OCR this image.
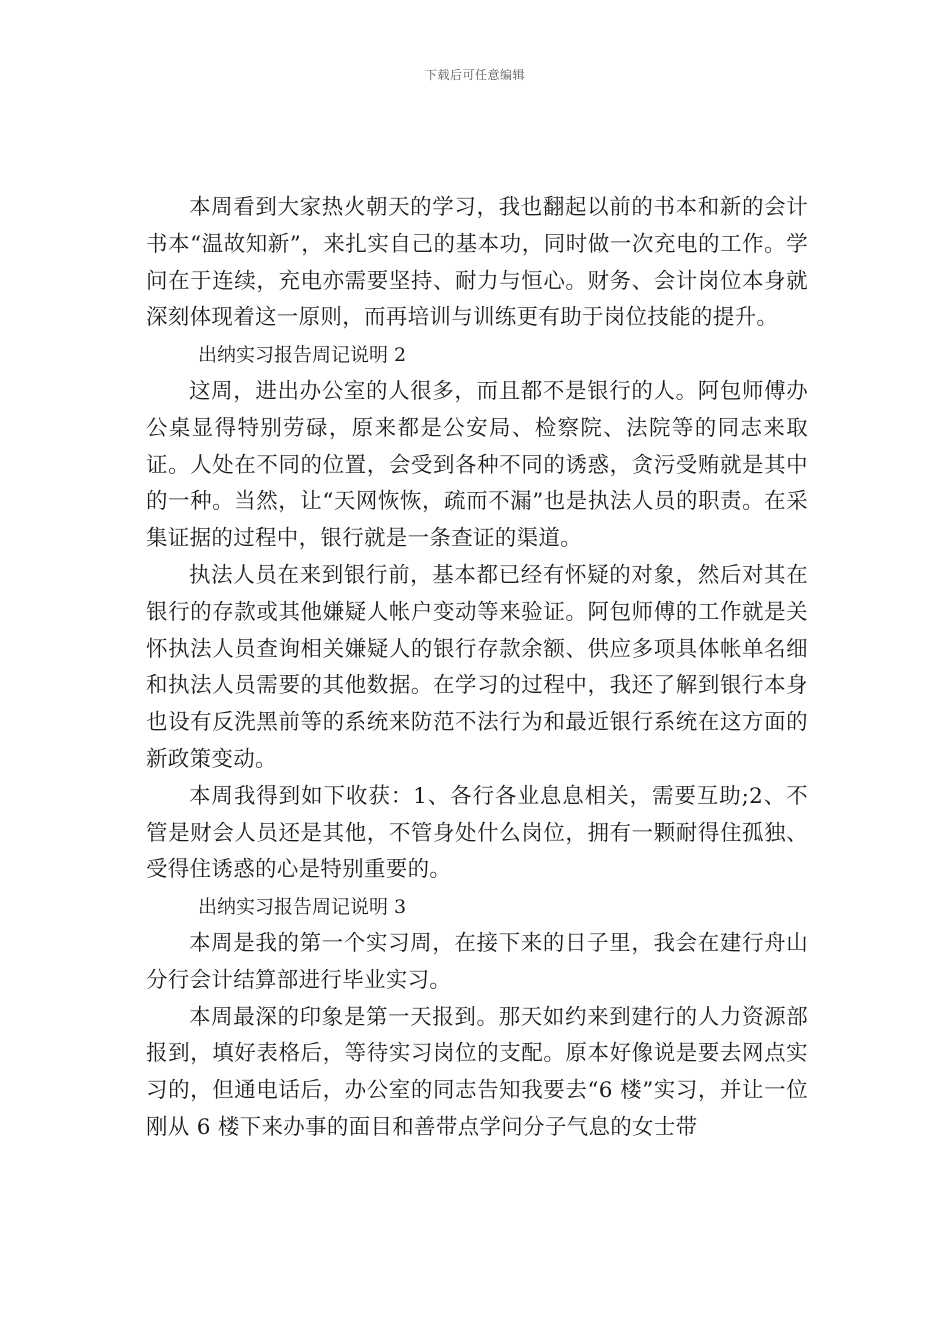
下载后可任意编辑

本周看到大家热火朝天的学习，我也翻起以前的书本和新的会计书本“温故知新”，来扎实自己的基本功，同时做一次充电的工作。学问在于连续，充电亦需要坚持、耐力与恒心。财务、会计岗位本身就深刻体现着这一原则，而再培训与训练更有助于岗位技能的提升。

出纳实习报告周记说明 2

这周，进出办公室的人很多，而且都不是银行的人。阿包师傅办公桌显得特别劳碌，原来都是公安局、检察院、法院等的同志来取证。人处在不同的位置，会受到各种不同的诱惑，贪污受贿就是其中的一种。当然，让“天网恢恢，疏而不漏”也是执法人员的职责。在采集证据的过程中，银行就是一条查证的渠道。

执法人员在来到银行前，基本都已经有怀疑的对象，然后对其在银行的存款或其他嫌疑人帐户变动等来验证。阿包师傅的工作就是关怀执法人员查询相关嫌疑人的银行存款余额、供应多项具体帐单名细和执法人员需要的其他数据。在学习的过程中，我还了解到银行本身也设有反洗黑前等的系统来防范不法行为和最近银行系统在这方面的新政策变动。

本周我得到如下收获：1、各行各业息息相关，需要互助;2、不管是财会人员还是其他，不管身处什么岗位，拥有一颗耐得住孤独、受得住诱惑的心是特别重要的。

出纳实习报告周记说明 3

本周是我的第一个实习周，在接下来的日子里，我会在建行舟山分行会计结算部进行毕业实习。

本周最深的印象是第一天报到。那天如约来到建行的人力资源部报到，填好表格后，等待实习岗位的支配。原本好像说是要去网点实习的，但通电话后，办公室的同志告知我要去“6 楼”实习，并让一位刚从 6 楼下来办事的面目和善带点学问分子气息的女士带
